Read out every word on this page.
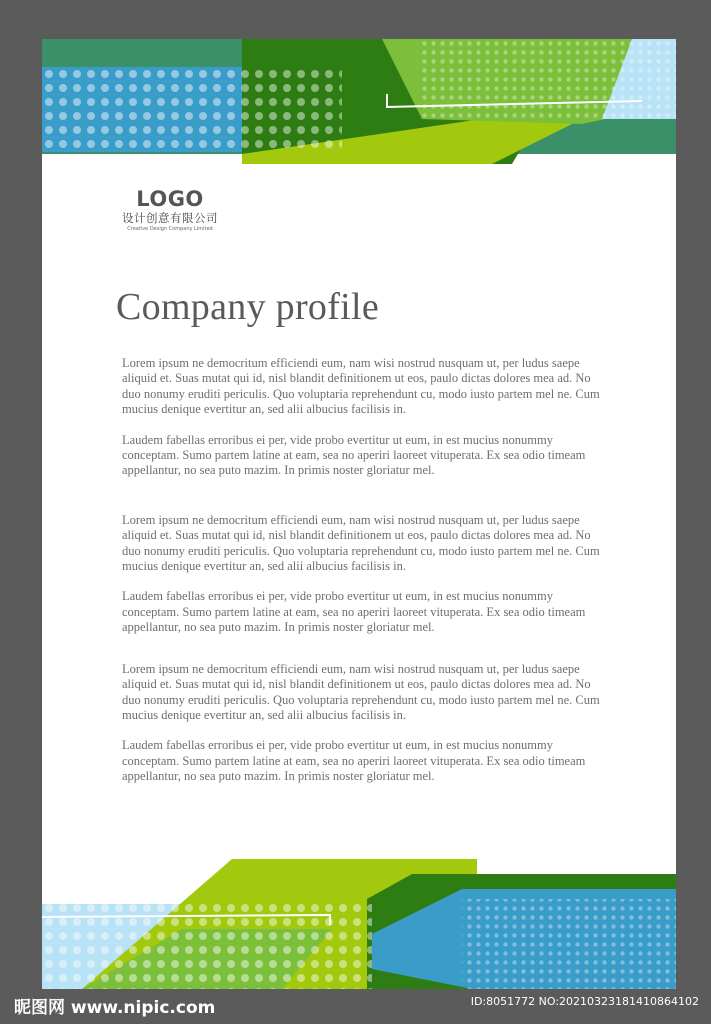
LOGO
设计创意有限公司
Creative Design Company Limited
Company profile

Lorem ipsum ne democritum efficiendi eum, nam wisi nostrud nusquam ut, per ludus saepe aliquid et. Suas mutat qui id, nisl blandit definitionem ut eos, paulo dictas dolores mea ad. No duo nonumy eruditi periculis. Quo voluptaria reprehendunt cu, modo iusto partem mel ne. Cum mucius denique evertitur an, sed alii albucius facilisis in.

Laudem fabellas erroribus ei per, vide probo evertitur ut eum, in est mucius nonummy conceptam. Sumo partem latine at eam, sea no aperiri laoreet vituperata. Ex sea odio timeam appellantur, no sea puto mazim. In primis noster gloriatur mel.

Lorem ipsum ne democritum efficiendi eum, nam wisi nostrud nusquam ut, per ludus saepe aliquid et. Suas mutat qui id, nisl blandit definitionem ut eos, paulo dictas dolores mea ad. No duo nonumy eruditi periculis. Quo voluptaria reprehendunt cu, modo iusto partem mel ne. Cum mucius denique evertitur an, sed alii albucius facilisis in.

Laudem fabellas erroribus ei per, vide probo evertitur ut eum, in est mucius nonummy conceptam. Sumo partem latine at eam, sea no aperiri laoreet vituperata. Ex sea odio timeam appellantur, no sea puto mazim. In primis noster gloriatur mel.

Lorem ipsum ne democritum efficiendi eum, nam wisi nostrud nusquam ut, per ludus saepe aliquid et. Suas mutat qui id, nisl blandit definitionem ut eos, paulo dictas dolores mea ad. No duo nonumy eruditi periculis. Quo voluptaria reprehendunt cu, modo iusto partem mel ne. Cum mucius denique evertitur an, sed alii albucius facilisis in.

Laudem fabellas erroribus ei per, vide probo evertitur ut eum, in est mucius nonummy conceptam. Sumo partem latine at eam, sea no aperiri laoreet vituperata. Ex sea odio timeam appellantur, no sea puto mazim. In primis noster gloriatur mel.

昵图网 www.nipic.com	ID:8051772 NO:20210323181410864102
